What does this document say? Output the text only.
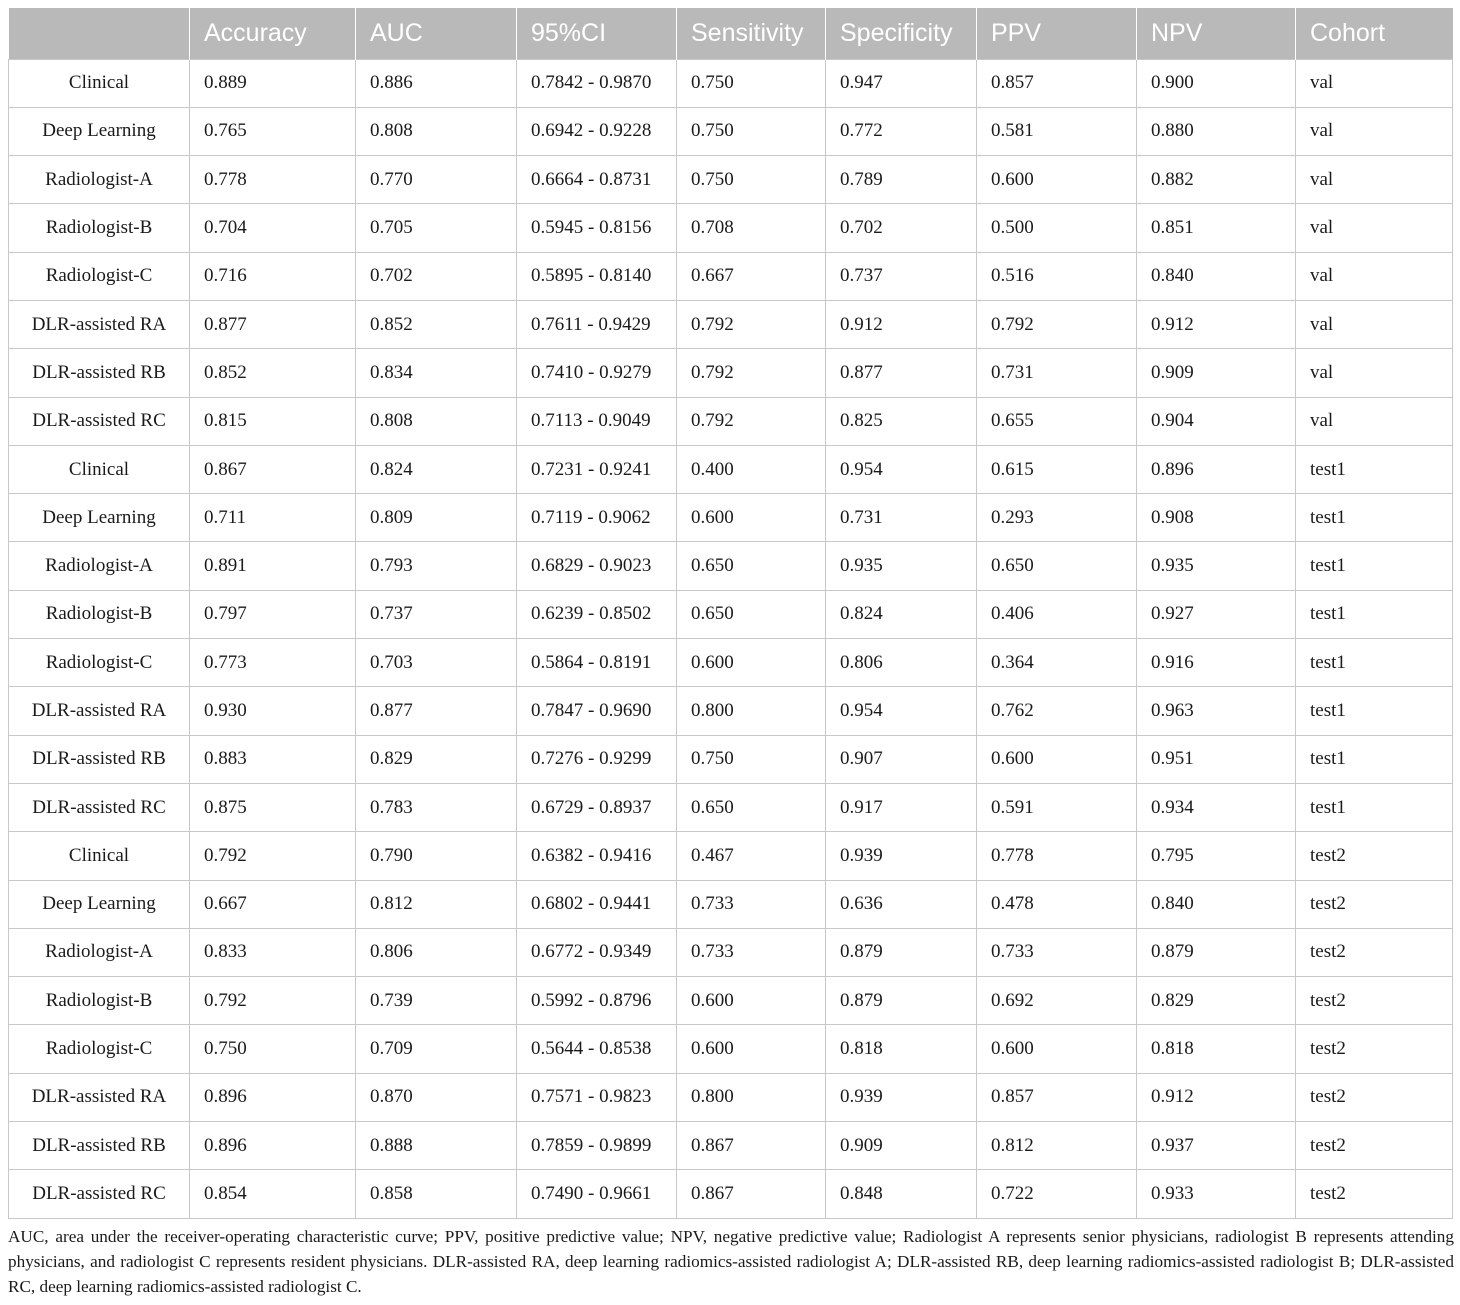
	Accuracy	AUC	95%CI	Sensitivity	Specificity	PPV	NPV	Cohort
Clinical	0.889	0.886	0.7842 - 0.9870	0.750	0.947	0.857	0.900	val
Deep Learning	0.765	0.808	0.6942 - 0.9228	0.750	0.772	0.581	0.880	val
Radiologist-A	0.778	0.770	0.6664 - 0.8731	0.750	0.789	0.600	0.882	val
Radiologist-B	0.704	0.705	0.5945 - 0.8156	0.708	0.702	0.500	0.851	val
Radiologist-C	0.716	0.702	0.5895 - 0.8140	0.667	0.737	0.516	0.840	val
DLR-assisted RA	0.877	0.852	0.7611 - 0.9429	0.792	0.912	0.792	0.912	val
DLR-assisted RB	0.852	0.834	0.7410 - 0.9279	0.792	0.877	0.731	0.909	val
DLR-assisted RC	0.815	0.808	0.7113 - 0.9049	0.792	0.825	0.655	0.904	val
Clinical	0.867	0.824	0.7231 - 0.9241	0.400	0.954	0.615	0.896	test1
Deep Learning	0.711	0.809	0.7119 - 0.9062	0.600	0.731	0.293	0.908	test1
Radiologist-A	0.891	0.793	0.6829 - 0.9023	0.650	0.935	0.650	0.935	test1
Radiologist-B	0.797	0.737	0.6239 - 0.8502	0.650	0.824	0.406	0.927	test1
Radiologist-C	0.773	0.703	0.5864 - 0.8191	0.600	0.806	0.364	0.916	test1
DLR-assisted RA	0.930	0.877	0.7847 - 0.9690	0.800	0.954	0.762	0.963	test1
DLR-assisted RB	0.883	0.829	0.7276 - 0.9299	0.750	0.907	0.600	0.951	test1
DLR-assisted RC	0.875	0.783	0.6729 - 0.8937	0.650	0.917	0.591	0.934	test1
Clinical	0.792	0.790	0.6382 - 0.9416	0.467	0.939	0.778	0.795	test2
Deep Learning	0.667	0.812	0.6802 - 0.9441	0.733	0.636	0.478	0.840	test2
Radiologist-A	0.833	0.806	0.6772 - 0.9349	0.733	0.879	0.733	0.879	test2
Radiologist-B	0.792	0.739	0.5992 - 0.8796	0.600	0.879	0.692	0.829	test2
Radiologist-C	0.750	0.709	0.5644 - 0.8538	0.600	0.818	0.600	0.818	test2
DLR-assisted RA	0.896	0.870	0.7571 - 0.9823	0.800	0.939	0.857	0.912	test2
DLR-assisted RB	0.896	0.888	0.7859 - 0.9899	0.867	0.909	0.812	0.937	test2
DLR-assisted RC	0.854	0.858	0.7490 - 0.9661	0.867	0.848	0.722	0.933	test2
AUC, area under the receiver-operating characteristic curve; PPV, positive predictive value; NPV, negative predictive value; Radiologist A represents senior physicians, radiologist B represents attending physicians, and radiologist C represents resident physicians. DLR-assisted RA, deep learning radiomics-assisted radiologist A; DLR-assisted RB, deep learning radiomics-assisted radiologist B; DLR-assisted RC, deep learning radiomics-assisted radiologist C.
